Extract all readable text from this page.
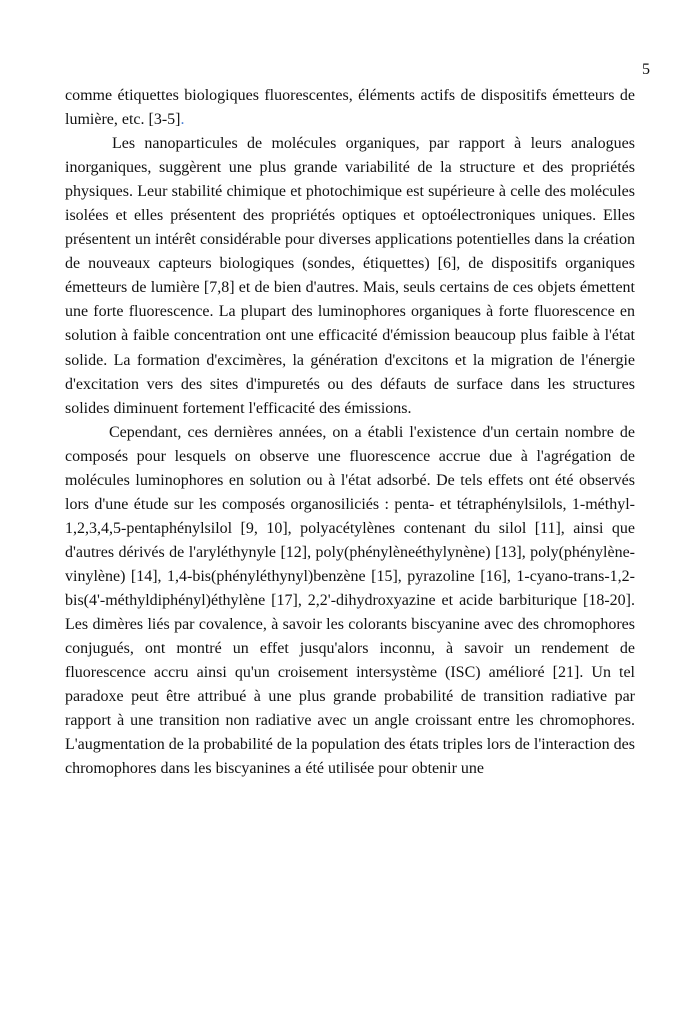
5

comme étiquettes biologiques fluorescentes, éléments actifs de dispositifs émetteurs de lumière, etc. [3-5].

Les nanoparticules de molécules organiques, par rapport à leurs analogues inorganiques, suggèrent une plus grande variabilité de la structure et des propriétés physiques. Leur stabilité chimique et photochimique est supérieure à celle des molécules isolées et elles présentent des propriétés optiques et optoélectroniques uniques. Elles présentent un intérêt considérable pour diverses applications potentielles dans la création de nouveaux capteurs biologiques (sondes, étiquettes) [6], de dispositifs organiques émetteurs de lumière [7,8] et de bien d'autres. Mais, seuls certains de ces objets émettent une forte fluorescence. La plupart des luminophores organiques à forte fluorescence en solution à faible concentration ont une efficacité d'émission beaucoup plus faible à l'état solide. La formation d'excimères, la génération d'excitons et la migration de l'énergie d'excitation vers des sites d'impuretés ou des défauts de surface dans les structures solides diminuent fortement l'efficacité des émissions.

Cependant, ces dernières années, on a établi l'existence d'un certain nombre de composés pour lesquels on observe une fluorescence accrue due à l'agrégation de molécules luminophores en solution ou à l'état adsorbé. De tels effets ont été observés lors d'une étude sur les composés organosiliciés : penta- et tétraphénylsilols, 1-méthyl-1,2,3,4,5-pentaphénylsilol [9, 10], polyacétylènes contenant du silol [11], ainsi que d'autres dérivés de l'aryléthynyle [12], poly(phénylèneéthylynène) [13], poly(phénylène-vinylène) [14], 1,4-bis(phényléthynyl)benzène [15], pyrazoline [16], 1-cyano-trans-1,2-bis(4'-méthyldiphényl)éthylène [17], 2,2'-dihydroxyazine et acide barbiturique [18-20]. Les dimères liés par covalence, à savoir les colorants biscyanine avec des chromophores conjugués, ont montré un effet jusqu'alors inconnu, à savoir un rendement de fluorescence accru ainsi qu'un croisement intersystème (ISC) amélioré [21]. Un tel paradoxe peut être attribué à une plus grande probabilité de transition radiative par rapport à une transition non radiative avec un angle croissant entre les chromophores. L'augmentation de la probabilité de la population des états triples lors de l'interaction des chromophores dans les biscyanines a été utilisée pour obtenir une
